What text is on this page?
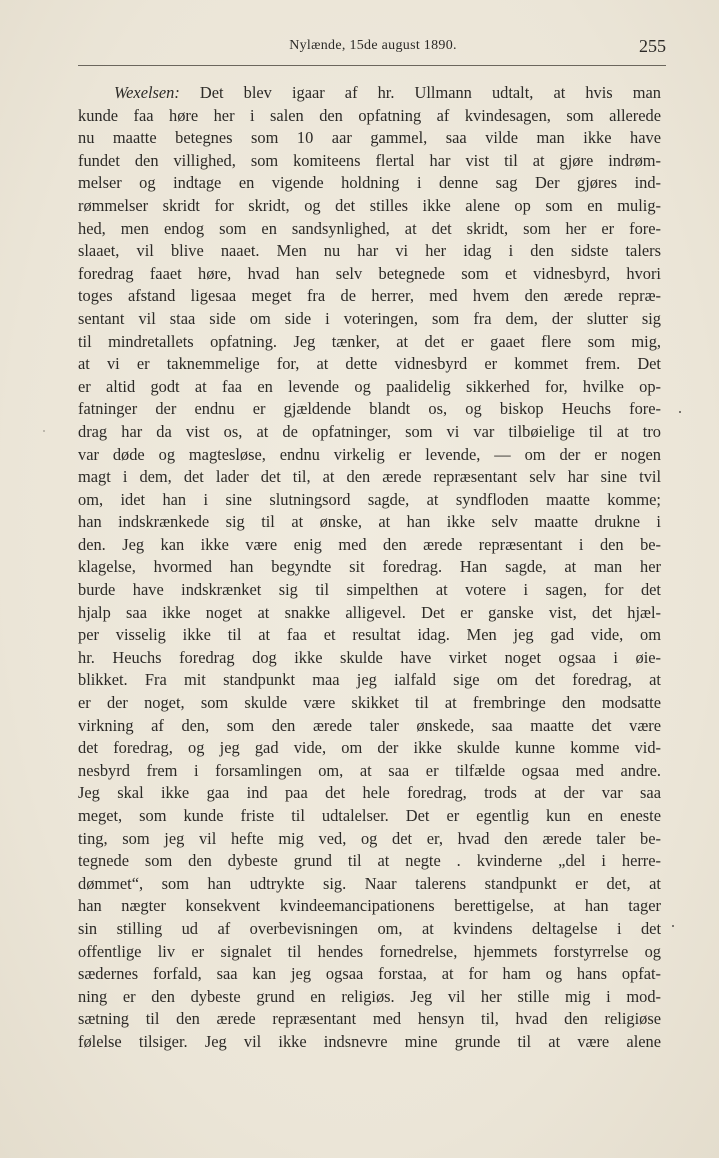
Nylænde, 15de august 1890.	255
Wexelsen: Det blev igaar af hr. Ullmann udtalt, at hvis man
kunde faa høre her i salen den opfatning af kvindesagen, som allerede
nu maatte betegnes som 10 aar gammel, saa vilde man ikke have
fundet den villighed, som komiteens flertal har vist til at gjøre indrøm-
melser og indtage en vigende holdning i denne sag Der gjøres ind-
rømmelser skridt for skridt, og det stilles ikke alene op som en mulig-
hed, men endog som en sandsynlighed, at det skridt, som her er fore-
slaaet, vil blive naaet. Men nu har vi her idag i den sidste talers
foredrag faaet høre, hvad han selv betegnede som et vidnesbyrd, hvori
toges afstand ligesaa meget fra de herrer, med hvem den ærede repræ-
sentant vil staa side om side i voteringen, som fra dem, der slutter sig
til mindretallets opfatning. Jeg tænker, at det er gaaet flere som mig,
at vi er taknemmelige for, at dette vidnesbyrd er kommet frem. Det
er altid godt at faa en levende og paalidelig sikkerhed for, hvilke op-
fatninger der endnu er gjældende blandt os, og biskop Heuchs fore-
drag har da vist os, at de opfatninger, som vi var tilbøielige til at tro
var døde og magtesløse, endnu virkelig er levende, — om der er nogen
magt i dem, det lader det til, at den ærede repræsentant selv har sine tvil
om, idet han i sine slutningsord sagde, at syndfloden maatte komme;
han indskrænkede sig til at ønske, at han ikke selv maatte drukne i
den. Jeg kan ikke være enig med den ærede repræsentant i den be-
klagelse, hvormed han begyndte sit foredrag. Han sagde, at man her
burde have indskrænket sig til simpelthen at votere i sagen, for det
hjalp saa ikke noget at snakke alligevel. Det er ganske vist, det hjæl-
per visselig ikke til at faa et resultat idag. Men jeg gad vide, om
hr. Heuchs foredrag dog ikke skulde have virket noget ogsaa i øie-
blikket. Fra mit standpunkt maa jeg ialfald sige om det foredrag, at
er der noget, som skulde være skikket til at frembringe den modsatte
virkning af den, som den ærede taler ønskede, saa maatte det være
det foredrag, og jeg gad vide, om der ikke skulde kunne komme vid-
nesbyrd frem i forsamlingen om, at saa er tilfælde ogsaa med andre.
Jeg skal ikke gaa ind paa det hele foredrag, trods at der var saa
meget, som kunde friste til udtalelser. Det er egentlig kun en eneste
ting, som jeg vil hefte mig ved, og det er, hvad den ærede taler be-
tegnede som den dybeste grund til at negte . kvinderne „del i herre-
dømmet“, som han udtrykte sig. Naar talerens standpunkt er det, at
han nægter konsekvent kvindeemancipationens berettigelse, at han tager
sin stilling ud af overbevisningen om, at kvindens deltagelse i det
offentlige liv er signalet til hendes fornedrelse, hjemmets forstyrrelse og
sædernes forfald, saa kan jeg ogsaa forstaa, at for ham og hans opfat-
ning er den dybeste grund en religiøs. Jeg vil her stille mig i mod-
sætning til den ærede repræsentant med hensyn til, hvad den religiøse
følelse tilsiger. Jeg vil ikke indsnevre mine grunde til at være alene
